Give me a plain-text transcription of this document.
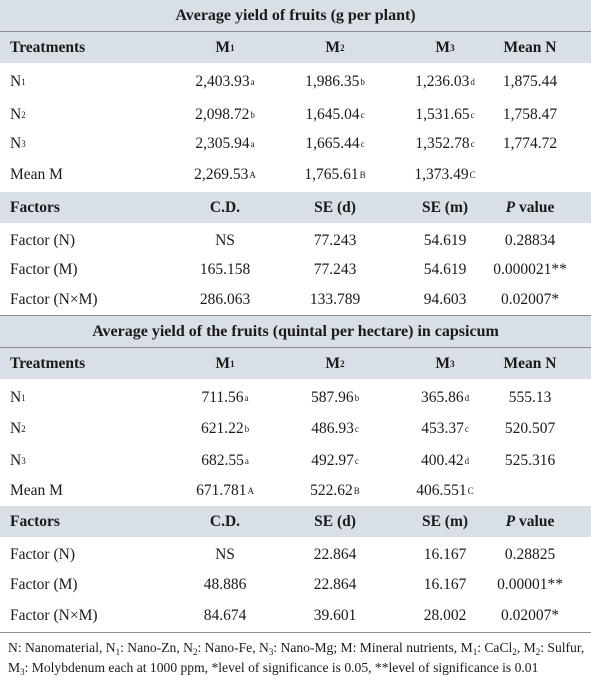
Average yield of fruits (g per plant)
Treatments	M 1	M 2	M 3	Mean N
N 1	2,403.93 a	1,986.35 b	1,236.03 d	1,875.44
N 2	2,098.72 b	1,645.04 c	1,531.65 c	1,758.47
N 3	2,305.94 a	1,665.44 c	1,352.78 c	1,774.72
Mean M	2,269.53 A	1,765.61 B	1,373.49 C
Factors	C.D.	SE (d)	SE (m)	P value
Factor (N)	NS	77.243	54.619	0.28834
Factor (M)	165.158	77.243	54.619	0.000021**
Factor (N×M)	286.063	133.789	94.603	0.02007*
Average yield of the fruits (quintal per hectare) in capsicum
Treatments	M 1	M 2	M 3	Mean N
N 1	711.56 a	587.96 b	365.86 d	555.13
N 2	621.22 b	486.93 c	453.37 c	520.507
N 3	682.55 a	492.97 c	400.42 d	525.316
Mean M	671.781 A	522.62 B	406.551 C
Factors	C.D.	SE (d)	SE (m)	P value
Factor (N)	NS	22.864	16.167	0.28825
Factor (M)	48.886	22.864	16.167	0.00001**
Factor (N×M)	84.674	39.601	28.002	0.02007*
N: Nanomaterial, $N_1$: Nano-Zn, $N_2$: Nano-Fe, $N_3$: Nano-Mg; M: Mineral nutrients, $M_1$: CaCl$_2$, $M_2$: Sulfur, $M_3$: Molybdenum each at 1000 ppm, *level of significance is 0.05, **level of significance is 0.01
